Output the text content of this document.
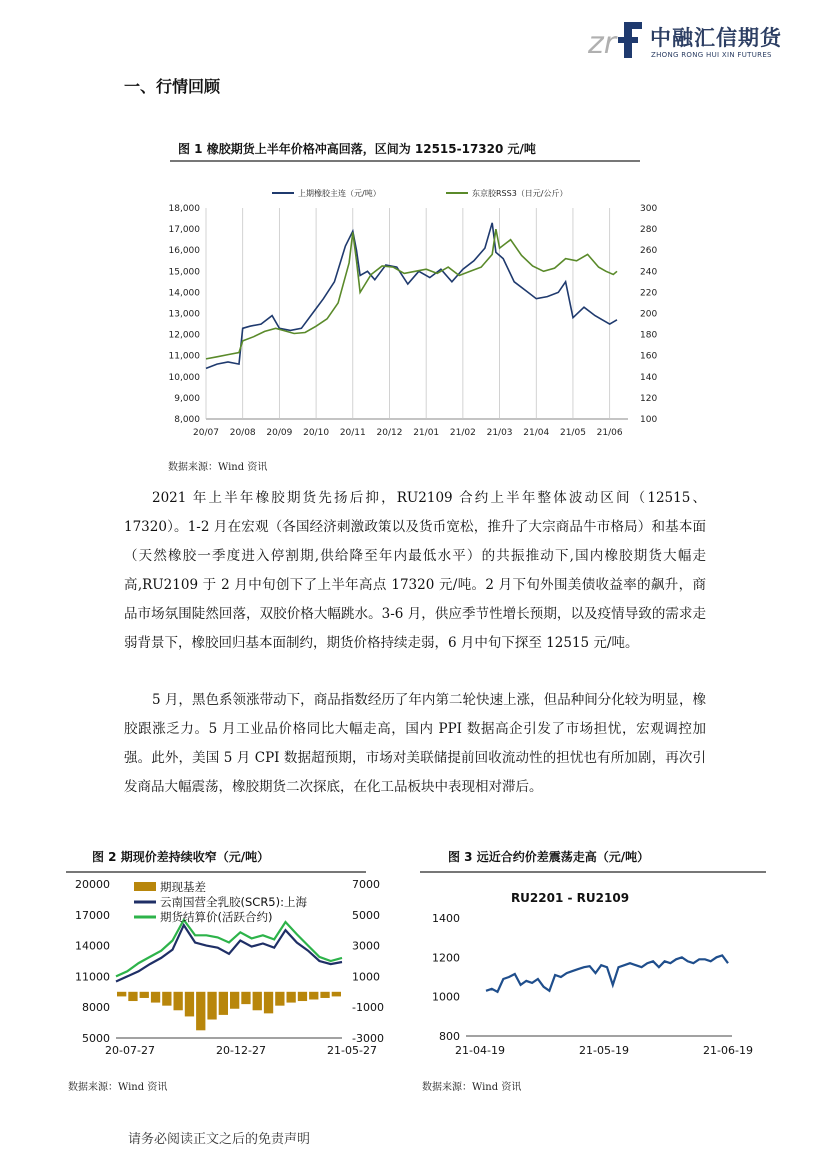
zr 中融汇信期货
ZHONG RONG HUI XIN FUTURES
一、行情回顾
图 1 橡胶期货上半年价格冲高回落，区间为 12515-17320 元/吨
20/07 20/08 20/09 20/10 20/11 20/12 21/01 21/02 21/03 21/04 21/05 21/06
8,000
9,000
10,000
11,000
12,000
13,000
14,000
15,000
16,000
17,000
18,000
100
120
140
160
180
200
220
240
260
280
300
上期橡胶主连（元/吨）	东京胶RSS3（日元/公斤）
数据来源：Wind 资讯
2021 年上半年橡胶期货先扬后抑，RU2109 合约上半年整体波动区间（12515、17320）。1-2 月在宏观（各国经济刺激政策以及货币宽松，推升了大宗商品牛市格局）和基本面（天然橡胶一季度进入停割期,供给降至年内最低水平）的共振推动下,国内橡胶期货大幅走高,RU2109 于 2 月中旬创下了上半年高点 17320 元/吨。2 月下旬外围美债收益率的飙升，商品市场氛围陡然回落，双胶价格大幅跳水。3-6 月，供应季节性增长预期，以及疫情导致的需求走弱背景下，橡胶回归基本面制约，期货价格持续走弱，6 月中旬下探至 12515 元/吨。
5 月，黑色系领涨带动下，商品指数经历了年内第二轮快速上涨，但品种间分化较为明显，橡胶跟涨乏力。5 月工业品价格同比大幅走高，国内 PPI 数据高企引发了市场担忧，宏观调控加强。此外，美国 5 月 CPI 数据超预期，市场对美联储提前回收流动性的担忧也有所加剧，再次引发商品大幅震荡，橡胶期货二次探底，在化工品板块中表现相对滞后。
图 2 期现价差持续收窄（元/吨）
5000
8000
11000
14000
17000
20000
-3000
-1000
1000
3000
5000
7000
20-07-27	20-12-27	21-05-27
期现基差
云南国营全乳胶(SCR5):上海
期货结算价(活跃合约)
数据来源：Wind 资讯
图 3 远近合约价差震荡走高（元/吨）
RU2201 - RU2109
800
1000
1200
1400
21-04-19	21-05-19	21-06-19
数据来源：Wind 资讯
请务必阅读正文之后的免责声明
